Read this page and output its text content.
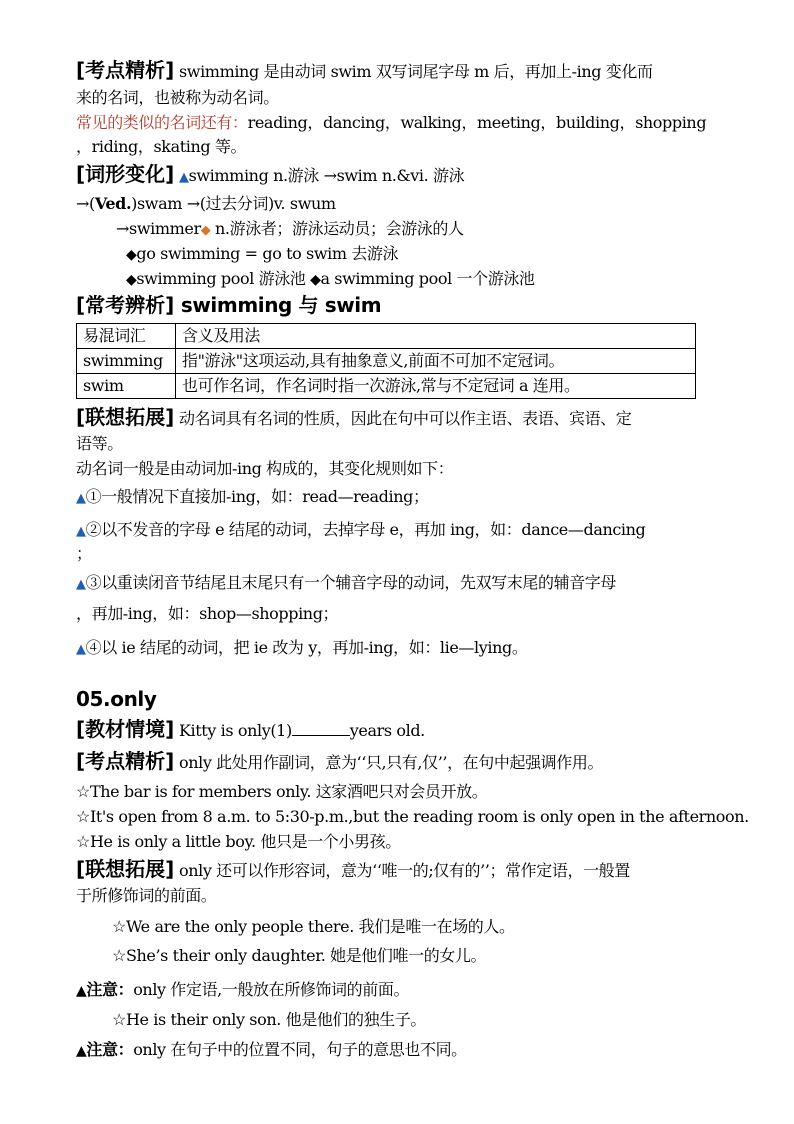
[考点精析] swimming 是由动词 swim 双写词尾字母 m 后，再加上-ing 变化而
来的名词，也被称为动名词。
常见的类似的名词还有：reading，dancing，walking，meeting，building，shopping
，riding，skating 等。
[词形变化] ▲swimming n.游泳 →swim n.&vi. 游泳
→(Ved.)swam →(过去分词)v. swum
→swimmer◆ n.游泳者；游泳运动员；会游泳的人
◆go swimming = go to swim 去游泳
◆swimming pool 游泳池 ◆a swimming pool 一个游泳池
[常考辨析] swimming 与 swim
易混词汇	含义及用法
swimming	指"游泳"这项运动,具有抽象意义,前面不可加不定冠词。
swim	也可作名词，作名词时指一次游泳,常与不定冠词 a 连用。
[联想拓展] 动名词具有名词的性质，因此在句中可以作主语、表语、宾语、定
语等。
动名词一般是由动词加-ing 构成的，其变化规则如下：
▲①一般情况下直接加-ing，如：read—reading；
▲②以不发音的字母 e 结尾的动词，去掉字母 e，再加 ing，如：dance—dancing
；
▲③以重读闭音节结尾且末尾只有一个辅音字母的动词，先双写末尾的辅音字母
，再加-ing，如：shop—shopping；
▲④以 ie 结尾的动词，把 ie 改为 y，再加-ing，如：lie—lying。
05.only
[教材情境] Kitty is only(1)	years old.
[考点精析] only 此处用作副词，意为‘‘只,只有,仅’’，在句中起强调作用。
☆The bar is for members only. 这家酒吧只对会员开放。
☆It's open from 8 a.m. to 5:30-p.m.,but the reading room is only open in the afternoon.
☆He is only a little boy. 他只是一个小男孩。
[联想拓展] only 还可以作形容词，意为‘‘唯一的;仅有的’’；常作定语，一般置
于所修饰词的前面。
☆We are the only people there. 我们是唯一在场的人。
☆She’s their only daughter. 她是他们唯一的女儿。
▲注意：only 作定语,一般放在所修饰词的前面。
☆He is their only son. 他是他们的独生子。
▲注意：only 在句子中的位置不同，句子的意思也不同。
